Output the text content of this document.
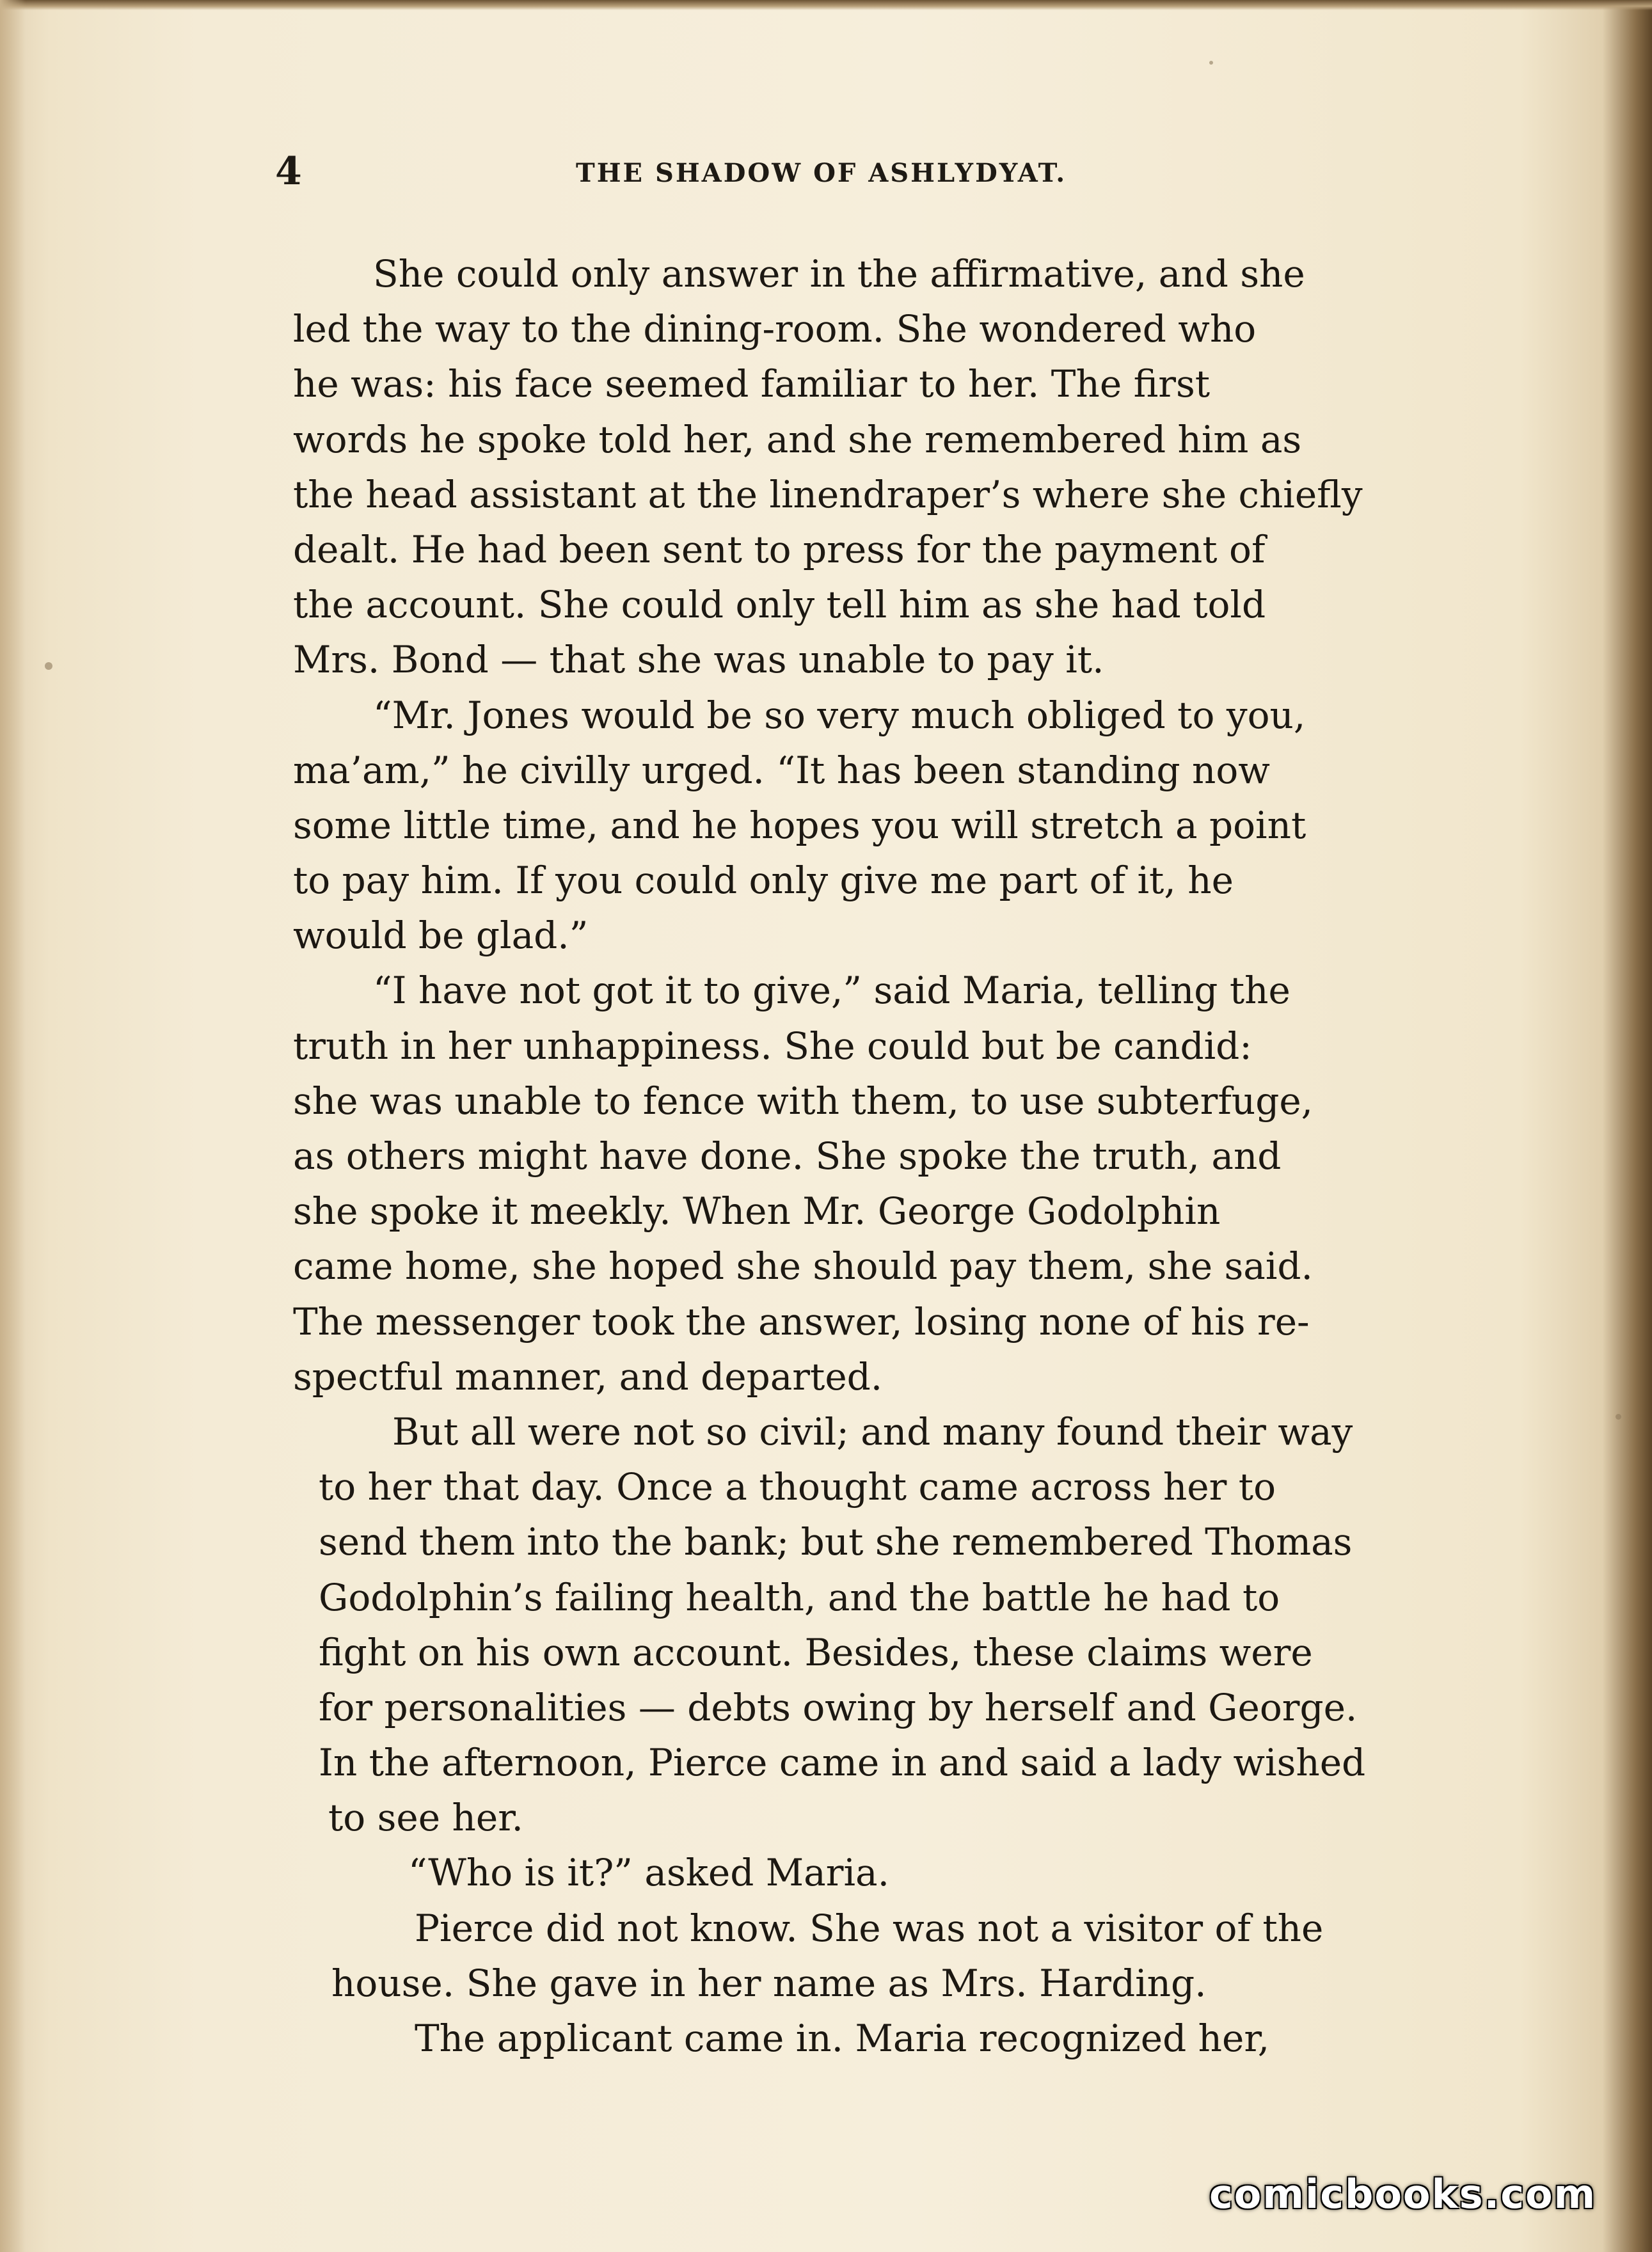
4	THE SHADOW OF ASHLYDYAT.
She could only answer in the affirmative, and she
led the way to the dining-room. She wondered who
he was: his face seemed familiar to her. The first
words he spoke told her, and she remembered him as
the head assistant at the linendraper’s where she chiefly
dealt. He had been sent to press for the payment of
the account. She could only tell him as she had told
Mrs. Bond — that she was unable to pay it.
“Mr. Jones would be so very much obliged to you,
ma’am,” he civilly urged. “It has been standing now
some little time, and he hopes you will stretch a point
to pay him. If you could only give me part of it, he
would be glad.”
“I have not got it to give,” said Maria, telling the
truth in her unhappiness. She could but be candid:
she was unable to fence with them, to use subterfuge,
as others might have done. She spoke the truth, and
she spoke it meekly. When Mr. George Godolphin
came home, she hoped she should pay them, she said.
The messenger took the answer, losing none of his re-
spectful manner, and departed.
But all were not so civil; and many found their way
to her that day. Once a thought came across her to
send them into the bank; but she remembered Thomas
Godolphin’s failing health, and the battle he had to
fight on his own account. Besides, these claims were
for personalities — debts owing by herself and George.
In the afternoon, Pierce came in and said a lady wished
to see her.
“Who is it?” asked Maria.
Pierce did not know. She was not a visitor of the
house. She gave in her name as Mrs. Harding.
The applicant came in. Maria recognized her,
comicbooks.com
